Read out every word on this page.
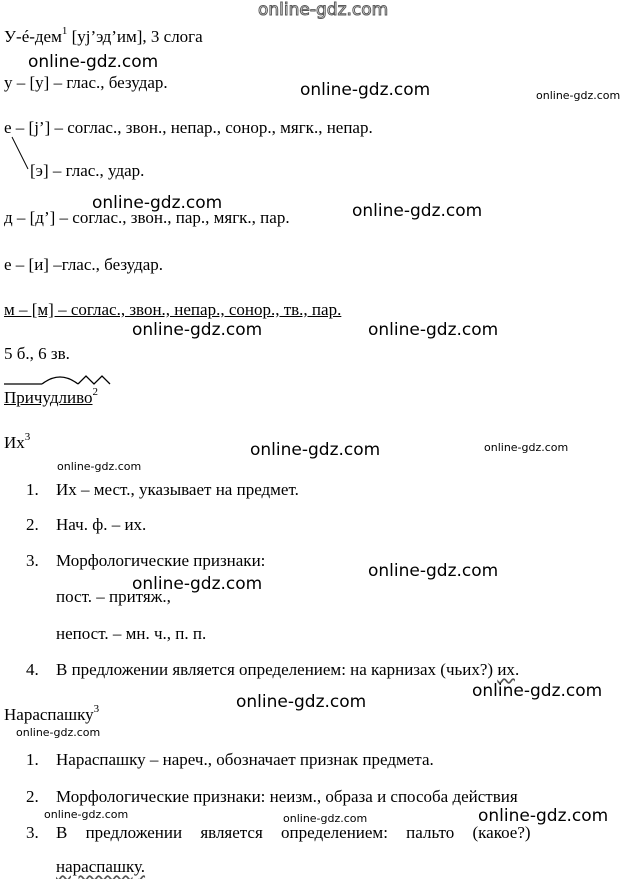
online-gdz.com
У-é-дем$^1$ [уj’эд’им], 3 слога
у – [у] – глас., безудар.
е – [j’] – соглас., звон., непар., сонор., мягк., непар.
[э] – глас., удар.
д – [д’] – соглас., звон., пар., мягк., пар.
е – [и] –глас., безудар.
м – [м] – соглас., звон., непар., сонор., тв., пар.
5 б., 6 зв.
Причудливо$^2$
$Их^3$
1. Их – мест., указывает на предмет.
2. Нач. ф. – их.
3. Морфологические признаки:
пост. – притяж.,
непост. – мн. ч., п. п.
4. В предложении является определением: на карнизах (чьих?) их.
Нараспашку$^3$
1. Нараспашку – нареч., обозначает признак предмета.
2. Морфологические признаки: неизм., образа и способа действия
3. В предложении является определением: пальто (какое?)
нараспашку.
online-gdz.com
online-gdz.com	online-gdz.com
online-gdz.com	online-gdz.com
online-gdz.com	online-gdz.com
online-gdz.com	online-gdz.com
online-gdz.com
online-gdz.com
online-gdz.com
online-gdz.com
online-gdz.com
online-gdz.com
online-gdz.com	online-gdz.com	online-gdz.com
